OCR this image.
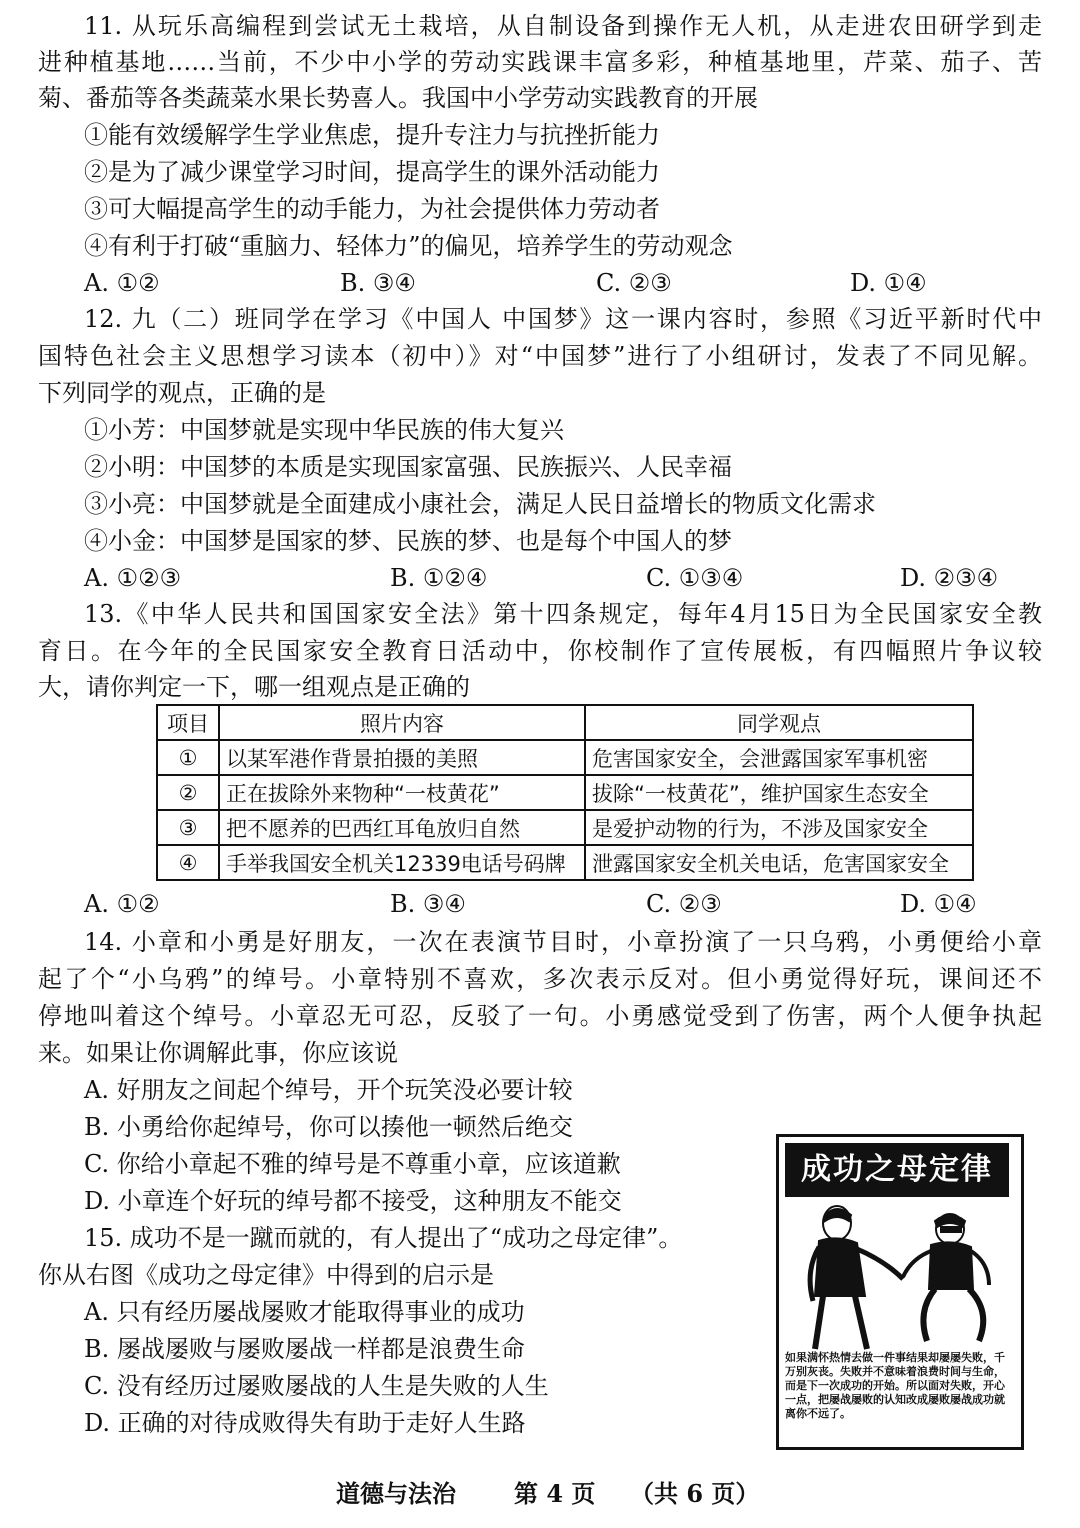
11. 从玩乐高编程到尝试无土栽培，从自制设备到操作无人机，从走进农田研学到走
进种植基地……当前，不少中小学的劳动实践课丰富多彩，种植基地里，芹菜、茄子、苦
菊、番茄等各类蔬菜水果长势喜人。我国中小学劳动实践教育的开展
①能有效缓解学生学业焦虑，提升专注力与抗挫折能力
②是为了减少课堂学习时间，提高学生的课外活动能力
③可大幅提高学生的动手能力，为社会提供体力劳动者
④有利于打破“重脑力、轻体力”的偏见，培养学生的劳动观念
A. ①②	B. ③④	C. ②③	D. ①④
12. 九（二）班同学在学习《中国人 中国梦》这一课内容时，参照《习近平新时代中
国特色社会主义思想学习读本（初中）》对“中国梦”进行了小组研讨，发表了不同见解。
下列同学的观点，正确的是
①小芳：中国梦就是实现中华民族的伟大复兴
②小明：中国梦的本质是实现国家富强、民族振兴、人民幸福
③小亮：中国梦就是全面建成小康社会，满足人民日益增长的物质文化需求
④小金：中国梦是国家的梦、民族的梦、也是每个中国人的梦
A. ①②③	B. ①②④	C. ①③④	D. ②③④
13.《中华人民共和国国家安全法》第十四条规定，每年4月15日为全民国家安全教
育日。在今年的全民国家安全教育日活动中，你校制作了宣传展板，有四幅照片争议较
大，请你判定一下，哪一组观点是正确的
项目	照片内容	同学观点
①	以某军港作背景拍摄的美照	危害国家安全，会泄露国家军事机密
②	正在拔除外来物种“一枝黄花”	拔除“一枝黄花”，维护国家生态安全
③	把不愿养的巴西红耳龟放归自然	是爱护动物的行为，不涉及国家安全
④	手举我国安全机关12339电话号码牌	泄露国家安全机关电话，危害国家安全
A. ①②	B. ③④	C. ②③	D. ①④
14. 小章和小勇是好朋友，一次在表演节目时，小章扮演了一只乌鸦，小勇便给小章
起了个“小乌鸦”的绰号。小章特别不喜欢，多次表示反对。但小勇觉得好玩，课间还不
停地叫着这个绰号。小章忍无可忍，反驳了一句。小勇感觉受到了伤害，两个人便争执起
来。如果让你调解此事，你应该说
A. 好朋友之间起个绰号，开个玩笑没必要计较
B. 小勇给你起绰号，你可以揍他一顿然后绝交
C. 你给小章起不雅的绰号是不尊重小章，应该道歉
D. 小章连个好玩的绰号都不接受，这种朋友不能交
15. 成功不是一蹴而就的，有人提出了“成功之母定律”。
你从右图《成功之母定律》中得到的启示是
A. 只有经历屡战屡败才能取得事业的成功
B. 屡战屡败与屡败屡战一样都是浪费生命
C. 没有经历过屡败屡战的人生是失败的人生
D. 正确的对待成败得失有助于走好人生路
成功之母定律
如果满怀热情去做一件事结果却屡屡失败，千万别灰丧。失败并不意味着浪费时间与生命，而是下一次成功的开始。所以面对失败，开心一点，把屡战屡败的认知改成屡败屡战成功就离你不远了。
道德与法治 第 4 页 （共 6 页）
